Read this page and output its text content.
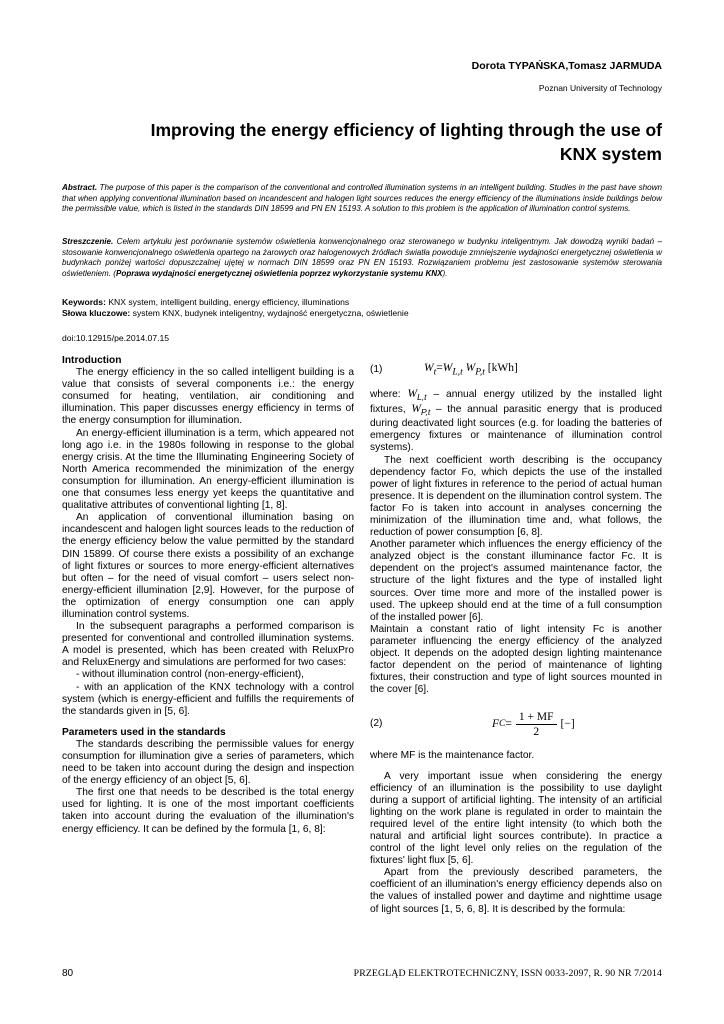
Dorota TYPAŃSKA,Tomasz JARMUDA
Poznan University of Technology
Improving the energy efficiency of lighting through the use of
KNX system
Abstract. The purpose of this paper is the comparison of the conventional and controlled illumination systems in an intelligent building. Studies in the past have shown that when applying conventional illumination based on incandescent and halogen light sources reduces the energy efficiency of the illuminations inside buildings below the permissible value, which is listed in the standards DIN 18599 and PN EN 15193. A solution to this problem is the application of illumination control systems.
Streszczenie. Celem artykułu jest porównanie systemów oświetlenia konwencjonalnego oraz sterowanego w budynku inteligentnym. Jak dowodzą wyniki badań – stosowanie konwencjonalnego oświetlenia opartego na żarowych oraz halogenowych źródłach światła powoduje zmniejszenie wydajności energetycznej oświetlenia w budynkach poniżej wartości dopuszczalnej ujętej w normach DIN 18599 oraz PN EN 15193. Rozwiązaniem problemu jest zastosowanie systemów sterowania oświetleniem. (Poprawa wydajności energetycznej oświetlenia poprzez wykorzystanie systemu KNX).
Keywords: KNX system, intelligent building, energy efficiency, illuminations
Słowa kluczowe: system KNX, budynek inteligentny, wydajność energetyczna, oświetlenie
doi:10.12915/pe.2014.07.15
Introduction

The energy efficiency in the so called intelligent building is a value that consists of several components i.e.: the energy consumed for heating, ventilation, air conditioning and illumination. This paper discusses energy efficiency in terms of the energy consumption for illumination.

An energy-efficient illumination is a term, which appeared not long ago i.e. in the 1980s following in response to the global energy crisis. At the time the Illuminating Engineering Society of North America recommended the minimization of the energy consumption for illumination. An energy-efficient illumination is one that consumes less energy yet keeps the quantitative and qualitative attributes of conventional lighting [1, 8].

An application of conventional illumination basing on incandescent and halogen light sources leads to the reduction of the energy efficiency below the value permitted by the standard DIN 15899. Of course there exists a possibility of an exchange of light fixtures or sources to more energy-efficient alternatives but often – for the need of visual comfort – users select non-energy-efficient illumination [2,9]. However, for the purpose of the optimization of energy consumption one can apply illumination control systems.

In the subsequent paragraphs a performed comparison is presented for conventional and controlled illumination systems. A model is presented, which has been created with ReluxPro and ReluxEnergy and simulations are performed for two cases:

- without illumination control (non-energy-efficient),

- with an application of the KNX technology with a control system (which is energy-efficient and fulfills the requirements of the standards given in [5, 6].

Parameters used in the standards

The standards describing the permissible values for energy consumption for illumination give a series of parameters, which need to be taken into account during the design and inspection of the energy efficiency of an object [5, 6].

The first one that needs to be described is the total energy used for lighting. It is one of the most important coefficients taken into account during the evaluation of the illumination's energy efficiency. It can be defined by the formula [1, 6, 8]:

(1)	$W_t=W_{L,t}$ $W_{P,t}$ [kWh]

where: $W_{L,t}$ – annual energy utilized by the installed light fixtures, $W_{P,t}$ – the annual parasitic energy that is produced during deactivated light sources (e.g. for loading the batteries of emergency fixtures or maintenance of illumination control systems).

The next coefficient worth describing is the occupancy dependency factor Fo, which depicts the use of the installed power of light fixtures in reference to the period of actual human presence. It is dependent on the illumination control system. The factor Fo is taken into account in analyses concerning the minimization of the illumination time and, what follows, the reduction of power consumption [6, 8].

Another parameter which influences the energy efficiency of the analyzed object is the constant illuminance factor Fc. It is dependent on the project's assumed maintenance factor, the structure of the light fixtures and the type of installed light sources. Over time more and more of the installed power is used. The upkeep should end at the time of a full consumption of the installed power [6].

Maintain a constant ratio of light intensity Fc is another parameter influencing the energy efficiency of the analyzed object. It depends on the adopted design lighting maintenance factor dependent on the period of maintenance of lighting fixtures, their construction and type of light sources mounted in the cover [6].

(2)	F $C = \frac{1 + MF}{2}$ [−]

where MF is the maintenance factor.

A very important issue when considering the energy efficiency of an illumination is the possibility to use daylight during a support of artificial lighting. The intensity of an artificial lighting on the work plane is regulated in order to maintain the required level of the entire light intensity (to which both the natural and artificial light sources contribute). In practice a control of the light level only relies on the regulation of the fixtures' light flux [5, 6].

Apart from the previously described parameters, the coefficient of an illumination's energy efficiency depends also on the values of installed power and daytime and nighttime usage of light sources [1, 5, 6, 8]. It is described by the formula:

80	PRZEGLĄD ELEKTROTECHNICZNY, ISSN 0033-2097, R. 90 NR 7/2014
